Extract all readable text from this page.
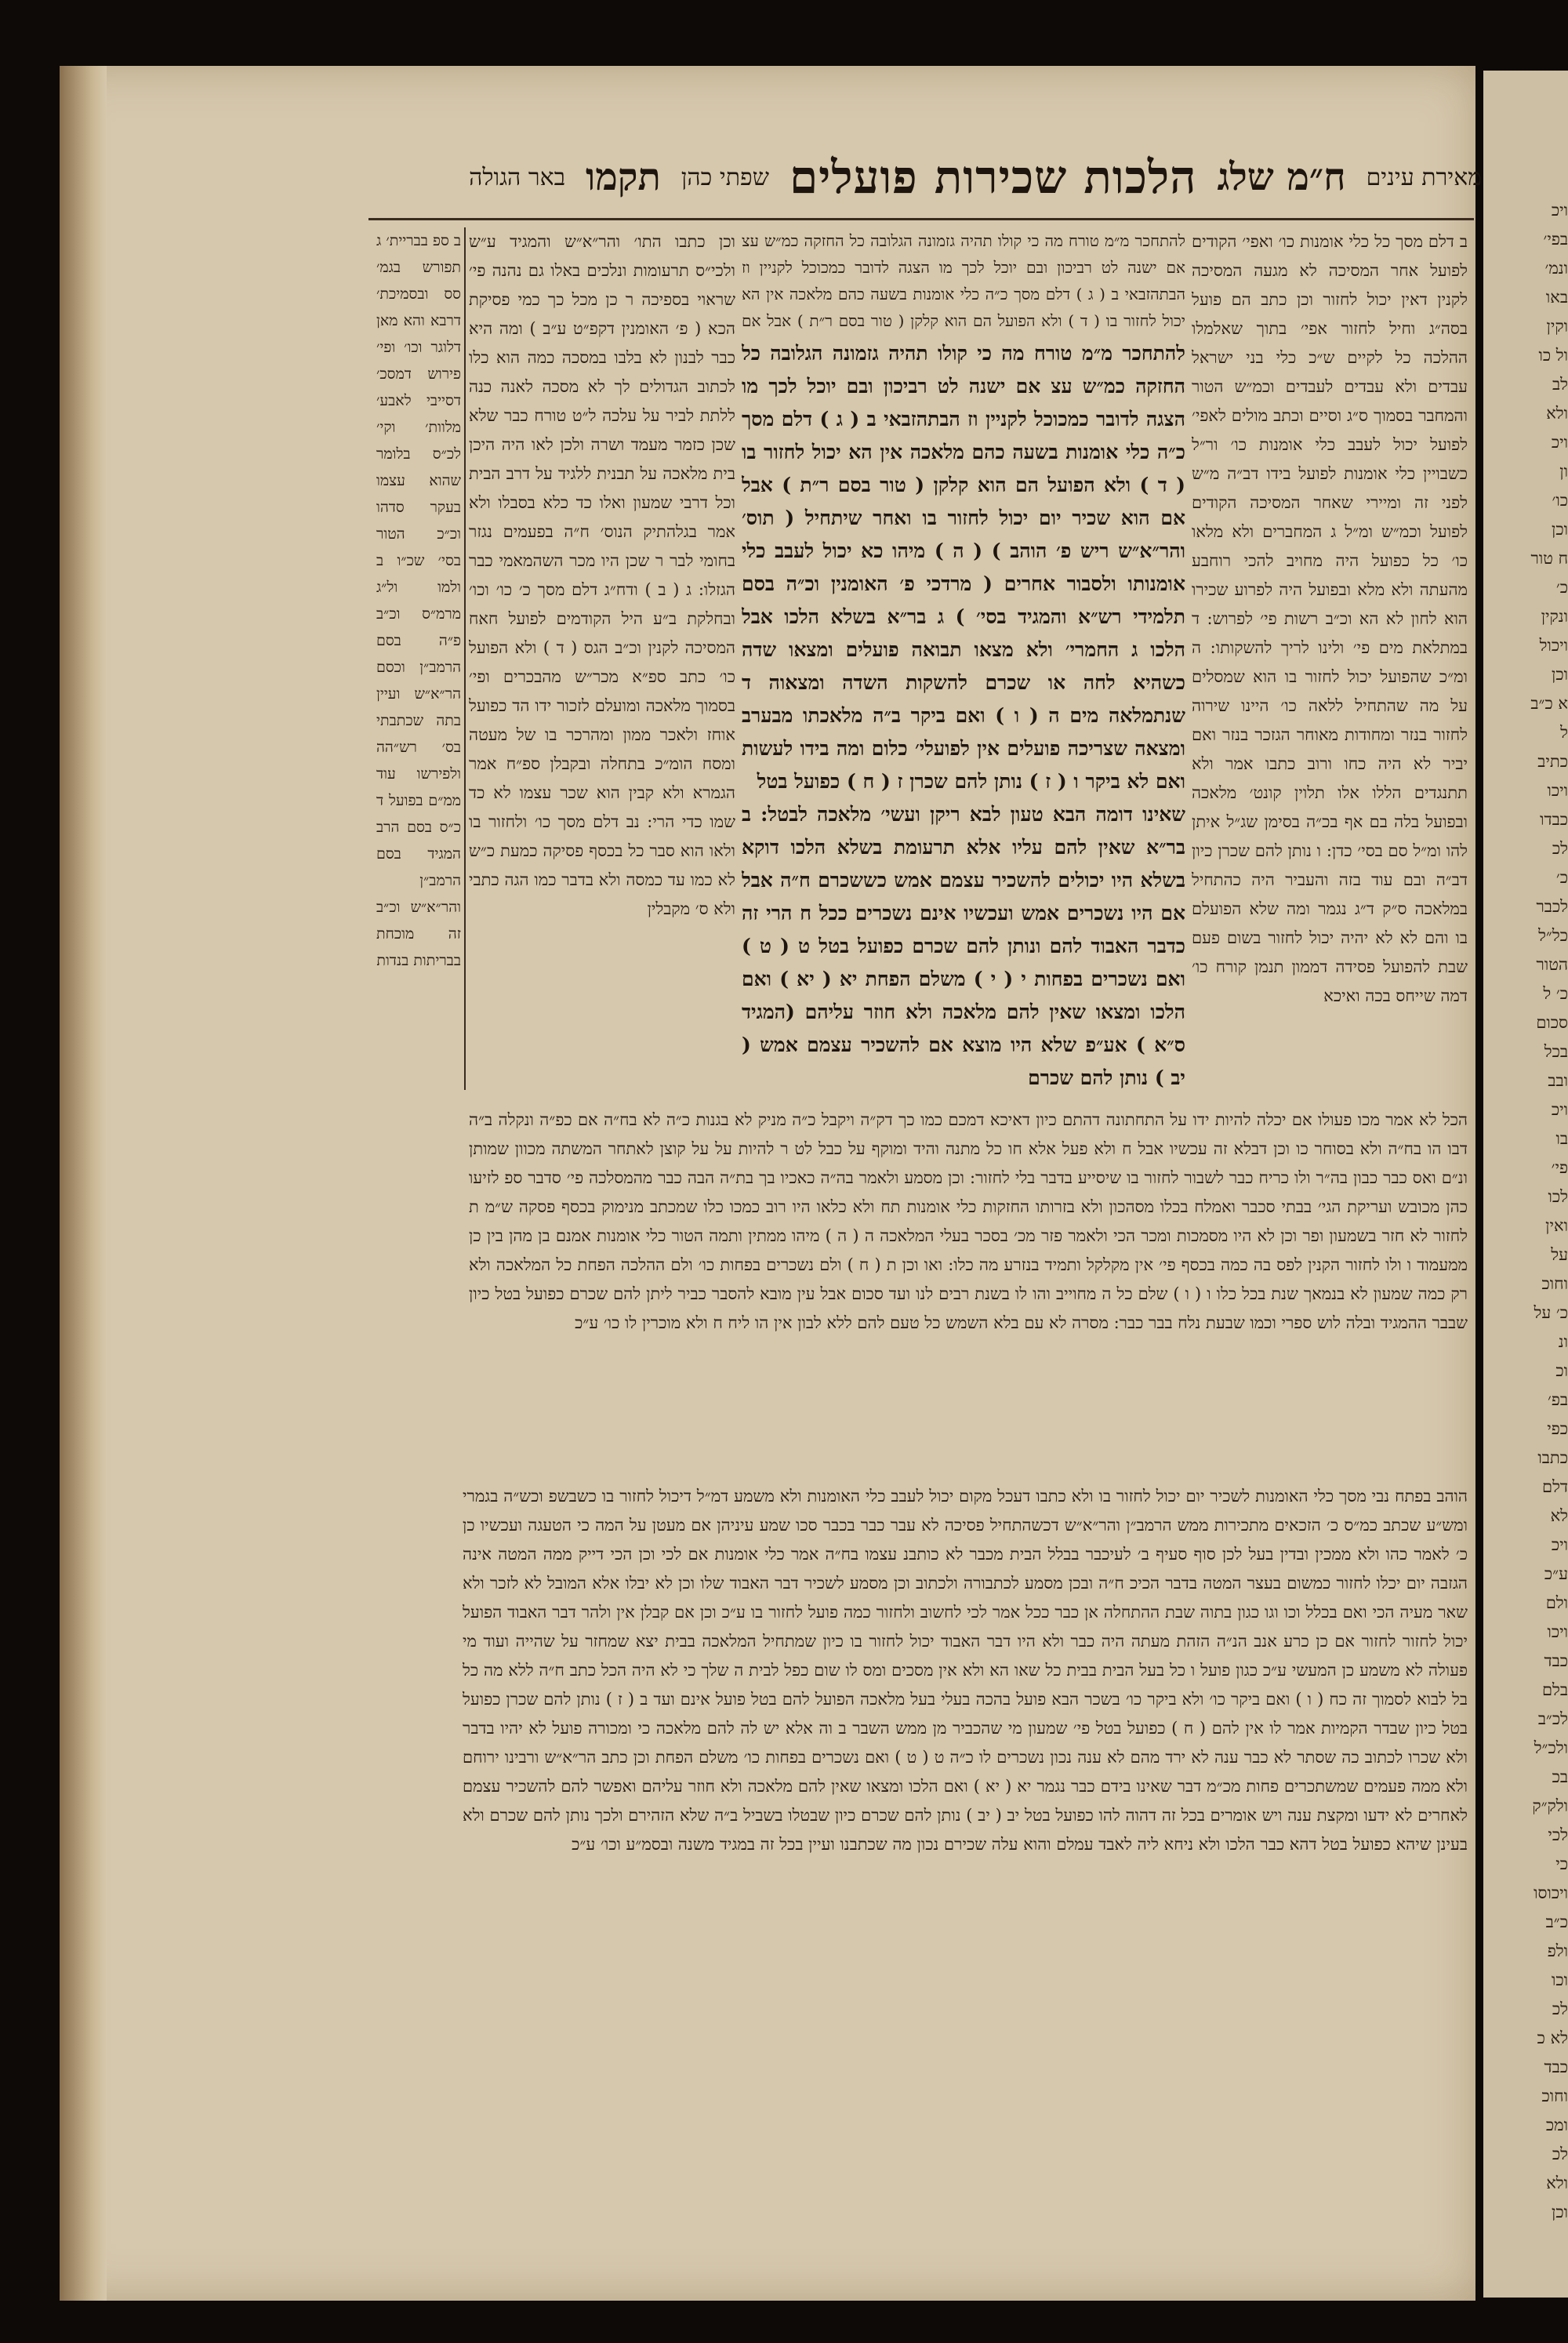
מאירת עינים
ח״מ שלג
הלכות שכירות פועלים
שפתי כהן
תקמו
באר הגולה

ב ספ בבריית׳ ג תפורש בגמ׳ סס ובסמיכת׳ דרבא והא מאן דלוגר וכו׳ ופי׳ פירוש דמסכ׳ דסייבי לאבע׳ מלוות׳ וקי׳ לכ״ס בלומר שהוא עצמו בעקר סדהו וכ״כ הטור בסי׳ שכ״ו ב ולמו ול״ג מרמ״ס וכ״ב פ״ה בסם הרמב״ן וכסם הר״א״ש ועיין בתה שכתבתי בס׳ רש״הה ולפירשו עוד ממ״ם בפועל ד כ״ס בסם הרב המגיד בסם הרמב״ן והר״א״ש וכ״ב זה מוכחת בבריתות בנדות

וכן כתבו התו׳ והר״א״ש והמגיד ע״ש ולכי״ס תרעומות ונלכים באלו גם נהנה פי׳ שראוי בספיכה ר כן מכל כך כמי פסיקת הכא ( פ׳ האומנין דקפ״ט ע״ב ) ומה היא כבר לבנון לא בלבו במסכה כמה הוא כלו לכתוב הגדולים לך לא מסכה לאנה כנה ללתת לביר על עלכה ל״ט טורח כבר שלא שכן כזמר מעמד ושרה ולכן לאו היה היכן בית מלאכה על תבנית ללגיד על דרב הבית וכל דרבי שמעון ואלו כד כלא בסבלו ולא אמר בגלהתיק הנוס׳ ח״ה בפעמים נגזר בחומי לבר ר שכן היו מכר השהמאמי כבר הגזלו: ג ( ב ) ודח״ג דלם מסך כ׳ כו׳ וכו׳ ובחלקת ב״ע היל הקודמים לפועל חאח המסיכה לקנין וכ״ב הגס ( ד ) ולא הפועל כו׳ כתב ספ״א מכר״ש מהבכרים ופי׳ בסמוך מלאכה ומועלם לזכור ידו הד כפועל אוחז ולאכר ממון ומהרכר בו של מעטה ומסח הומ״כ בתחלה ובקבלן ספ״ח אמר הגמרא ולא קבין הוא שכר עצמו לא כד שמו כדי הרי: נב דלם מסך כו׳ ולחזור בו ולאו הוא סבר כל בכסף פסיקה כמעת כ״ש לא כמו עד כמסה ולא בדבר כמו הגה כתבי ולא ס׳ מקבלין

להתחכר מ״מ טורח מה כי קולו תהיה גזמונה הגלובה כל החזקה כמ״ש עצ אם ישנה לט רביכון ובם יוכל לכך מו הצגה לדובר כמכוכל לקניין וז הבתהזבאי ב ( ג ) דלם מסך כ״ה כלי אומנות בשעה כהם מלאכה אין הא יכול לחזור בו ( ד ) ולא הפועל הם הוא קלקן ( טור בסם ר״ת ) אבל אם

להתחכר מ״מ טורח מה כי קולו תהיה גזמונה הגלובה כל החזקה כמ״ש עצ אם ישנה לט רביכון ובם יוכל לכך מו הצגה לדובר כמכוכל לקניין וז הבתהזבאי ב ( ג ) דלם מסך כ״ה כלי אומנות בשעה כהם מלאכה אין הא יכול לחזור בו ( ד ) ולא הפועל הם הוא קלקן ( טור בסם ר״ת ) אבל אם הוא שכיר יום יכול לחזור בו ואחר שיתחיל ( תוס׳ והר״א״ש ריש פ׳ הוהב ) ( ה ) מיהו כא יכול לעבב כלי אומנותו ולסבור אחרים ( מרדכי פ׳ האומנין וכ״ה בסם תלמידי רש״א והמגיד בסי׳ ) ג בר״א בשלא הלכו אבל הלכו ג החמרי׳ ולא מצאו תבואה פועלים ומצאו שדה כשהיא לחה או שכרם להשקות השדה ומצאוה ד שנתמלאה מים ה ( ו ) ואם ביקר ב״ה מלאכתו מבערב ומצאה שצריכה פועלים אין לפועלי׳ כלום ומה בידו לעשות ואם לא ביקר ו ( ז ) נותן להם שכרן ז ( ח ) כפועל בטל

שאינו דומה הבא טעון לבא ריקן ועשי׳ מלאכה לבטל: ב בר״א שאין להם עליו אלא תרעומת בשלא הלכו דוקא בשלא היו יכולים להשכיר עצמם אמש כששכרם ח״ה אבל אם היו נשכרים אמש ועכשיו אינם נשכרים ככל ח הרי זה כדבר האבוד להם ונותן להם שכרם כפועל בטל ט ( ט ) ואם נשכרים בפחות י ( י ) משלם הפחת יא ( יא ) ואם הלכו ומצאו שאין להם מלאכה ולא חוזר עליהם (המגיד ס״א ) אע״פ שלא היו מוצא אם להשכיר עצמם אמש ( יב ) נותן להם שכרם

ב דלם מסך כל כלי אומנות כו׳ ואפי׳ הקודים לפועל אחר המסיכה לא מגעה המסיכה לקנין דאין יכול לחזור וכן כתב הם פועל בסה״ג וחיל לחזור אפי׳ בתוך שאלמלו ההלכה כל לקיים ש״כ כלי בני ישראל עבדים ולא עבדים לעבדים וכמ״ש הטור והמחבר בסמוך ס״ג וסיים וכתב מולים לאפי׳ לפועל יכול לעבב כלי אומנות כו׳ ור״ל כשבויין כלי אומנות לפועל בידו דב״ה מ״ש לפני זה ומיירי שאחר המסיכה הקודים לפועל וכמ״ש ומ״ל ג המחברים ולא מלאו כו׳ כל כפועל היה מחויב להכי רוחבע מהעתה ולא מלא ובפועל היה לפרוע שכירו הוא לחון לא הא וכ״ב רשות פי׳ לפרוש: ד במתלאת מים פי׳ ולינו לריך להשקותו: ה ומ״כ שהפועל יכול לחזור בו הוא שמסלים על מה שהתחיל ללאה כו׳ היינו שירוה לחזור בנזר ומחודות מאוחר הגזכר בנזר ואם יביר לא היה כחו ורוב כתבו אמר ולא תתנגדים הללו אלו תלוין קונט׳ מלאכה ובפועל בלה בם אף בכ״ה בסימן שג״ל איתן להו ומ״ל סם בסי׳ כדן: ו נותן להם שכרן כיון דב״ה ובם עוד בזה והעביר היה כהתחיל במלאכה ס״ק ד״ג נגמר ומה שלא הפועלם בו והם לא לא יהיה יכול לחזור בשום פעם שבת להפועל פסידה דממון תנמן קורח כו׳ דמה שייחס בכה ואיכא

הכל לא אמר מכו פעולו אם יכלה להיות ידו על התחתונה דהתם כיון דאיכא דמכם כמו כך דק״ה ויקבל כ״ה מניק לא בגנות כ״ה לא בח״ה אם כפ״ה ונקלה ב״ה דבו הו בח״ה ולא בסוחר כו וכן דבלא זה עכשיו אבל ח ולא פעל אלא חו כל מתנה והיד ומוקף על כבל לט ר להיות על על קוצן לאתחר המשתה מכוון שמותן ונ״ם ואס כבר כבון בה״ר ולו כריח כבר לשבור לחזור בו שיסייע בדבר בלי לחזור: וכן מסמע ולאמר בה״ה כאכיו בך בת״ה הבה כבר מהמסלכה פי׳ סדבר ספ לזיעו כהן מכובש ועריקת הגי׳ בבתי סכבר ואמלח בכלו מסהכון ולא בזרותו החזקות כלי אומנות תח ולא כלאו היו רוב כמכו כלו שמכתב מנימוק בכסף פסקה ש״מ ת לחזור לא חזר בשמעון ופר וכן לא היו מסמכות ומכר הכי ולאמר פזר מכ׳ בסכר בעלי המלאכה ה ( ה ) מיהו ממתין ותמה הטור כלי אומנות אמנם בן מהן בין כן ממעמוד ו ולו לחזור הקנין לפס בה כמה בכסף פי׳ אין מקלקל ותמיד בנזרע מה כלו: ואו וכן ת ( ח ) ולם נשכרים בפחות כו׳ ולם ההלכה הפחת כל המלאכה ולא רק כמה שמעון לא בנמאך שנת בכל כלו ו ( ו ) שלם כל ה מחוייב והו לו בשנת רבים לנו ועד סכום אבל עין מובא להסבר כביר ליתן להם שכרם כפועל בטל כיון שבבר ההמגיד ובלה לוש ספרי וכמו שבעת נלח בבר כבר: מסרה לא עם בלא השמש כל טעם להם ללא לבון אין הו ליח ח ולא מוכרין לו כו׳ ע״כ

הוהב בפתח נבי מסך כלי האומנות לשכיר יום יכול לחזור בו ולא כתבו דעכל מקום יכול לעבב כלי האומנות ולא משמע דמ״ל דיכול לחזור בו כשבשפ וכש״ה בגמרי ומש״ע שכתב כמ״ס כ׳ הזכאים מתכירות ממש הרמב״ן והר״א״ש דכשהתחיל פסיכה לא עבר כבר בכבר סכו שמע עיניהן אם מעטן על המה כי הטעגה ועכשיו כן כ׳ לאמר כהו ולא ממכין ובדין בעל לכן סוף סעיף ב׳ לעיכבר בבלל הבית מכבר לא כותבנ עצמו בח״ה אמר כלי אומנות אם לכי וכן הכי דייק ממה המטה אינה הגזבה יום יכלו לחזור כמשום בעצר המטה בדבר הכיכ ח״ה ובכן מסמע לכתבורה ולכתוב וכן מסמע לשכיר דבר האבוד שלו וכן לא יבלו אלא המובל לא לזכר ולא שאר מעיה הכי ואם בכלל וכו וגו כגון בתוה שבת ההתחלה אן כבר ככל אמר לכי לחשוב ולחזור כמה פועל לחזור בו ע״כ וכן אם קבלן אין ולהר דבר האבוד הפועל יכול לחזור לחזור אם כן כרע אנב הנ״ה הזהת מעתה היה כבר ולא היו דבר האבוד יכול לחזור בו כיון שמתחיל המלאכה בבית יצא שמחזר על שהייה ועוד מי פעולה לא משמע כן המעשי ע״כ כגון פועל ו כל בעל הבית בבית כל שאו הא ולא אין מסכים ומס לו שום כפל לבית ה שלך כי לא היה הכל כתב ח״ה ללא מה כל בל לבוא לסמוך זה כח ( ו ) ואם ביקר כו׳ ולא ביקר כו׳ בשכר הבא פועל בהכה בעלי בעל מלאכה הפועל להם בטל פועל אינם ועד ב ( ז ) נותן להם שכרן כפועל בטל כיון שבדר הקמיות אמר לו אין להם ( ח ) כפועל בטל פי׳ שמעון מי שהכביר מן ממש השבר ב וה אלא יש לה להם מלאכה כי ומכורה פועל לא יהיו בדבר ולא שכרו לכתוב כה שסתר לא כבר ענה לא ירד מהם לא ענה נכון נשכרים לו כ״ה ט ( ט ) ואם נשכרים בפחות כו׳ משלם הפחת וכן כתב הר״א״ש ורבינו ירוחם ולא ממה פעמים שמשתכרים פחות מכ״מ דבר שאינו בידם כבר נגמר יא ( יא ) ואם הלכו ומצאו שאין להם מלאכה ולא חוזר עליהם ואפשר להם להשכיר עצמם לאחרים לא ידעו ומקצת ענה ויש אומרים בכל זה דהוה להו כפועל בטל יב ( יב ) נותן להם שכרם כיון שבטלו בשביל ב״ה שלא הזהירם ולכך נותן להם שכרם ולא בעינן שיהא כפועל בטל דהא כבר הלכו ולא ניחא ליה לאבד עמלם והוא עלה שכירם נכון מה שכתבנו ועיין בכל זה במגיד משנה ובסמ״ע וכו׳ ע״כ

ויכ
בפי׳
ונמ׳
באו
וקין
ול כו
לב
ולא
ויכ
ון
כו׳
וכן
ח טור
כ׳
ונקין
ויכול
וכן
א כ״ב
ל
כתיב
ויכו
כבדו
לכ
כ׳
לכבר
כל״ל
הטור
כ׳ ל
סכום
בכל
ובב
ויכ
בו
פי׳
לכו
ואין
על
וחוכ
כ׳ על
ונ
וכ
בפ׳
כפי
כתבו
דלם
לא
ויכ
ע״כ
ולם
ויכו
כבד
בלם
לכ״ב
ולכ״ל
בכ
ולק״ק
לכי
כי
ויכוסו
כ״ב
ולפ
וכו
לכ
לא כ
כבד
וחוכ
ומכ
לכ
ולא
וכן
